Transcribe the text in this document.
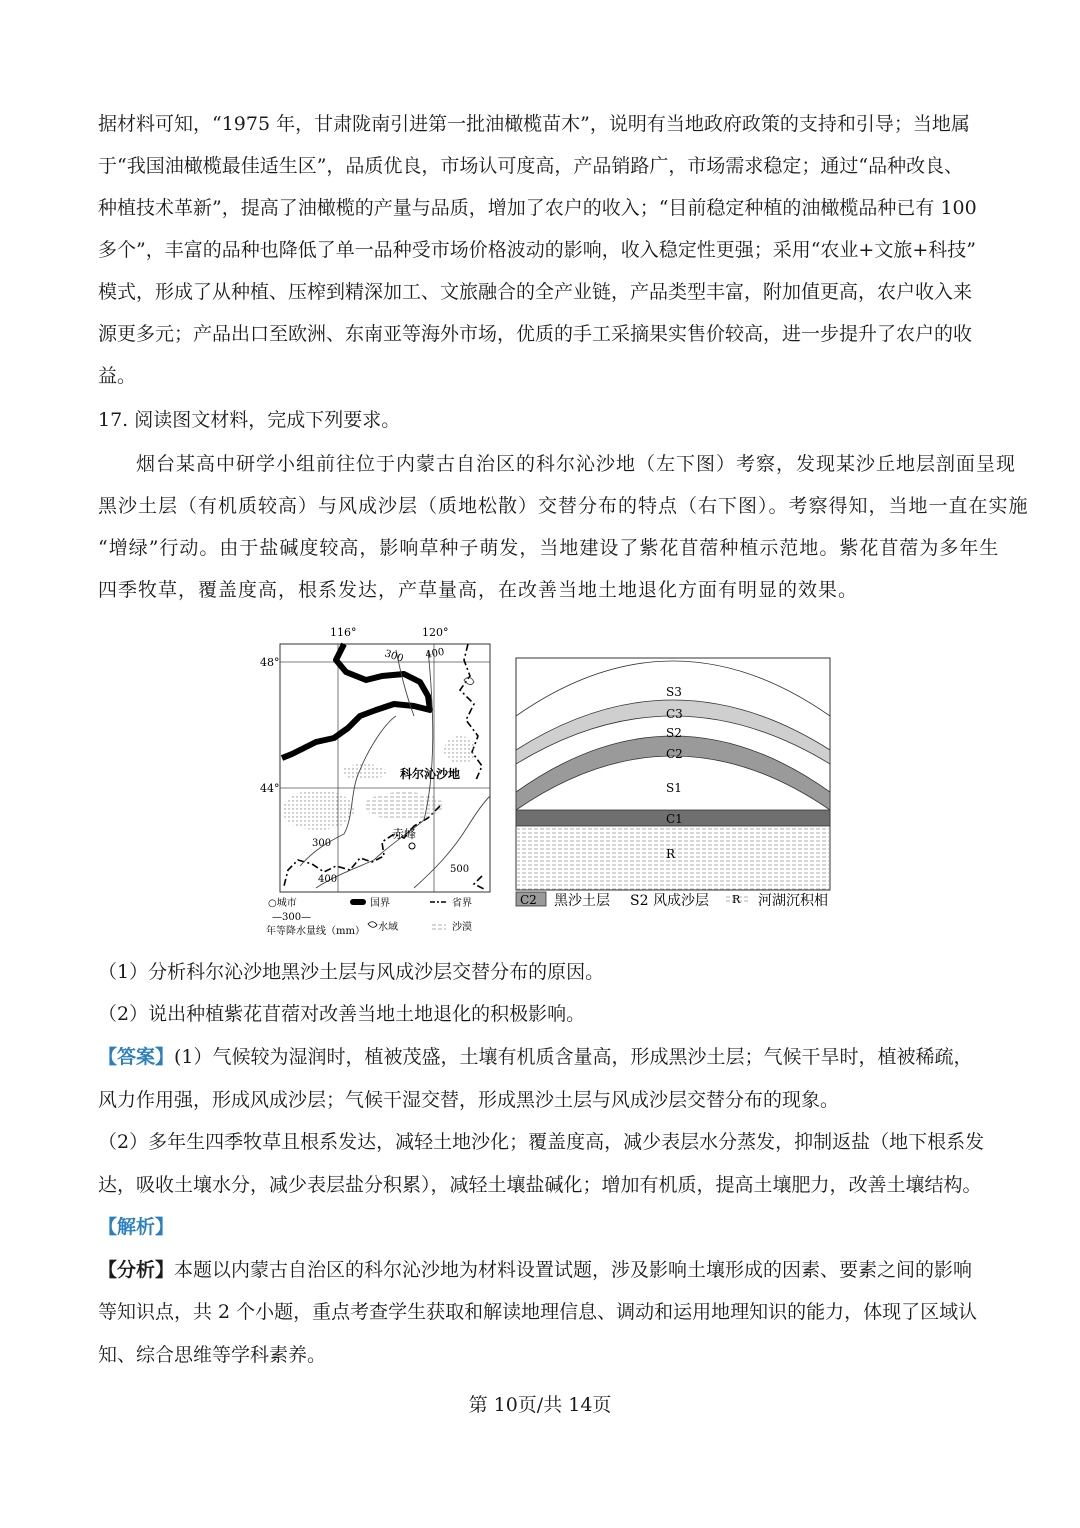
据材料可知，“1975 年，甘肃陇南引进第一批油橄榄苗木”，说明有当地政府政策的支持和引导；当地属
于“我国油橄榄最佳适生区”，品质优良，市场认可度高，产品销路广，市场需求稳定；通过“品种改良、
种植技术革新”，提高了油橄榄的产量与品质，增加了农户的收入；“目前稳定种植的油橄榄品种已有 100
多个”，丰富的品种也降低了单一品种受市场价格波动的影响，收入稳定性更强；采用“农业+文旅+科技”
模式，形成了从种植、压榨到精深加工、文旅融合的全产业链，产品类型丰富，附加值更高，农户收入来
源更多元；产品出口至欧洲、东南亚等海外市场，优质的手工采摘果实售价较高，进一步提升了农户的收
益。
17. 阅读图文材料，完成下列要求。
烟台某高中研学小组前往位于内蒙古自治区的科尔沁沙地（左下图）考察，发现某沙丘地层剖面呈现
黑沙土层（有机质较高）与风成沙层（质地松散）交替分布的特点（右下图）。考察得知，当地一直在实施
“增绿”行动。由于盐碱度较高，影响草种子萌发，当地建设了紫花苜蓿种植示范地。紫花苜蓿为多年生
四季牧草，覆盖度高，根系发达，产草量高，在改善当地土地退化方面有明显的效果。
116°	120°
48°
44°
300 400
300
400
500
科尔沁沙地
赤峰
○城市	国界	省界
—300—
年等降水量线（mm） 水域	沙漠
S3
C3
S2
C2
S1
C1
R
C2 黑沙土层 S2 风成沙层 R 河湖沉积相
（1）分析科尔沁沙地黑沙土层与风成沙层交替分布的原因。
（2）说出种植紫花苜蓿对改善当地土地退化的积极影响。
【答案】(1）气候较为湿润时，植被茂盛，土壤有机质含量高，形成黑沙土层；气候干旱时，植被稀疏，
风力作用强，形成风成沙层；气候干湿交替，形成黑沙土层与风成沙层交替分布的现象。
（2）多年生四季牧草且根系发达，减轻土地沙化；覆盖度高，减少表层水分蒸发，抑制返盐（地下根系发
达，吸收土壤水分，减少表层盐分积累），减轻土壤盐碱化；增加有机质，提高土壤肥力，改善土壤结构。
【解析】
【分析】本题以内蒙古自治区的科尔沁沙地为材料设置试题，涉及影响土壤形成的因素、要素之间的影响
等知识点，共 2 个小题，重点考查学生获取和解读地理信息、调动和运用地理知识的能力，体现了区域认
知、综合思维等学科素养。
第 10页/共 14页
